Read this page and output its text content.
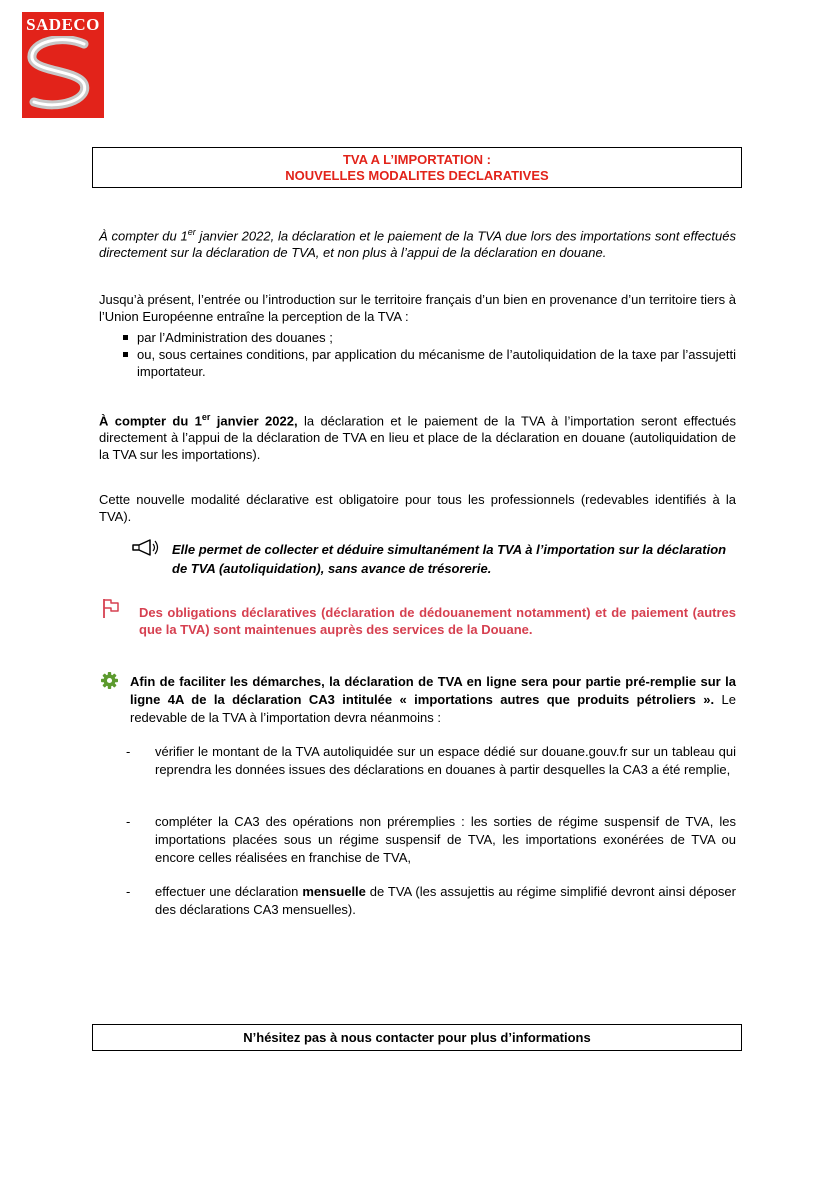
SADECO
TVA A L’IMPORTATION :
NOUVELLES MODALITES DECLARATIVES

À compter du 1er janvier 2022, la déclaration et le paiement de la TVA due lors des importations sont effectués directement sur la déclaration de TVA, et non plus à l’appui de la déclaration en douane.

Jusqu’à présent, l’entrée ou l’introduction sur le territoire français d’un bien en provenance d’un territoire tiers à l’Union Européenne entraîne la perception de la TVA :

par l’Administration des douanes ;
ou, sous certaines conditions, par application du mécanisme de l’autoliquidation de la taxe par l’assujetti importateur.

À compter du 1er janvier 2022, la déclaration et le paiement de la TVA à l’importation seront effectués directement à l’appui de la déclaration de TVA en lieu et place de la déclaration en douane (autoliquidation de la TVA sur les importations).

Cette nouvelle modalité déclarative est obligatoire pour tous les professionnels (redevables identifiés à la TVA).

Elle permet de collecter et déduire simultanément la TVA à l’importation sur la déclaration de TVA (autoliquidation), sans avance de trésorerie.

Des obligations déclaratives (déclaration de dédouanement notamment) et de paiement (autres que la TVA) sont maintenues auprès des services de la Douane.

Afin de faciliter les démarches, la déclaration de TVA en ligne sera pour partie pré-remplie sur la ligne 4A de la déclaration CA3 intitulée « importations autres que produits pétroliers ». Le redevable de la TVA à l’importation devra néanmoins :

- vérifier le montant de la TVA autoliquidée sur un espace dédié sur douane.gouv.fr sur un tableau qui reprendra les données issues des déclarations en douanes à partir desquelles la CA3 a été remplie,
- compléter la CA3 des opérations non préremplies : les sorties de régime suspensif de TVA, les importations placées sous un régime suspensif de TVA, les importations exonérées de TVA ou encore celles réalisées en franchise de TVA,
- effectuer une déclaration mensuelle de TVA (les assujettis au régime simplifié devront ainsi déposer des déclarations CA3 mensuelles).
N’hésitez pas à nous contacter pour plus d’informations
